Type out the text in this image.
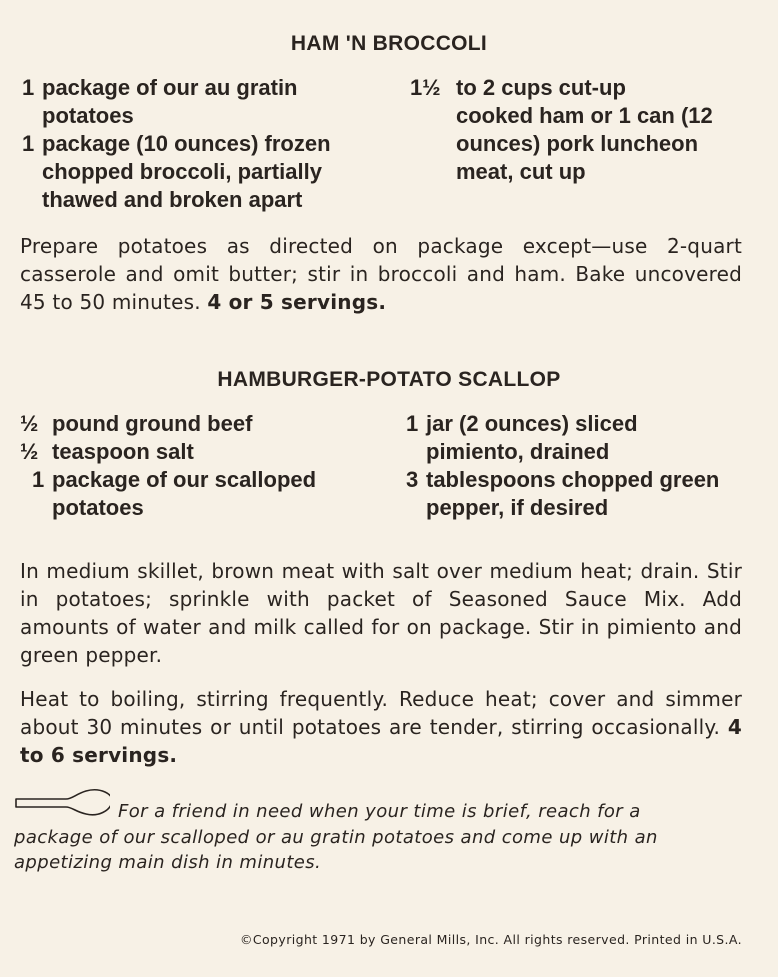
HAM 'N BROCCOLI
1 package of our au gratin
potatoes
1 package (10 ounces) frozen
chopped broccoli, partially
thawed and broken apart
1½ to 2 cups cut-up
cooked ham or 1 can (12
ounces) pork luncheon
meat, cut up

Prepare potatoes as directed on package except—use 2-quart casserole and omit butter; stir in broccoli and ham. Bake uncovered 45 to 50 minutes. 4 or 5 servings.

HAMBURGER-POTATO SCALLOP
½ pound ground beef
½ teaspoon salt
1 package of our scalloped
potatoes
1 jar (2 ounces) sliced
pimiento, drained
3 tablespoons chopped green
pepper, if desired

In medium skillet, brown meat with salt over medium heat; drain. Stir in potatoes; sprinkle with packet of Seasoned Sauce Mix. Add amounts of water and milk called for on package. Stir in pimiento and green pepper.

Heat to boiling, stirring frequently. Reduce heat; cover and simmer about 30 minutes or until potatoes are tender, stirring occasionally. 4 to 6 servings.

For a friend in need when your time is brief, reach for a
package of our scalloped or au gratin potatoes and come up with an
appetizing main dish in minutes.
©Copyright 1971 by General Mills, Inc. All rights reserved. Printed in U.S.A.
